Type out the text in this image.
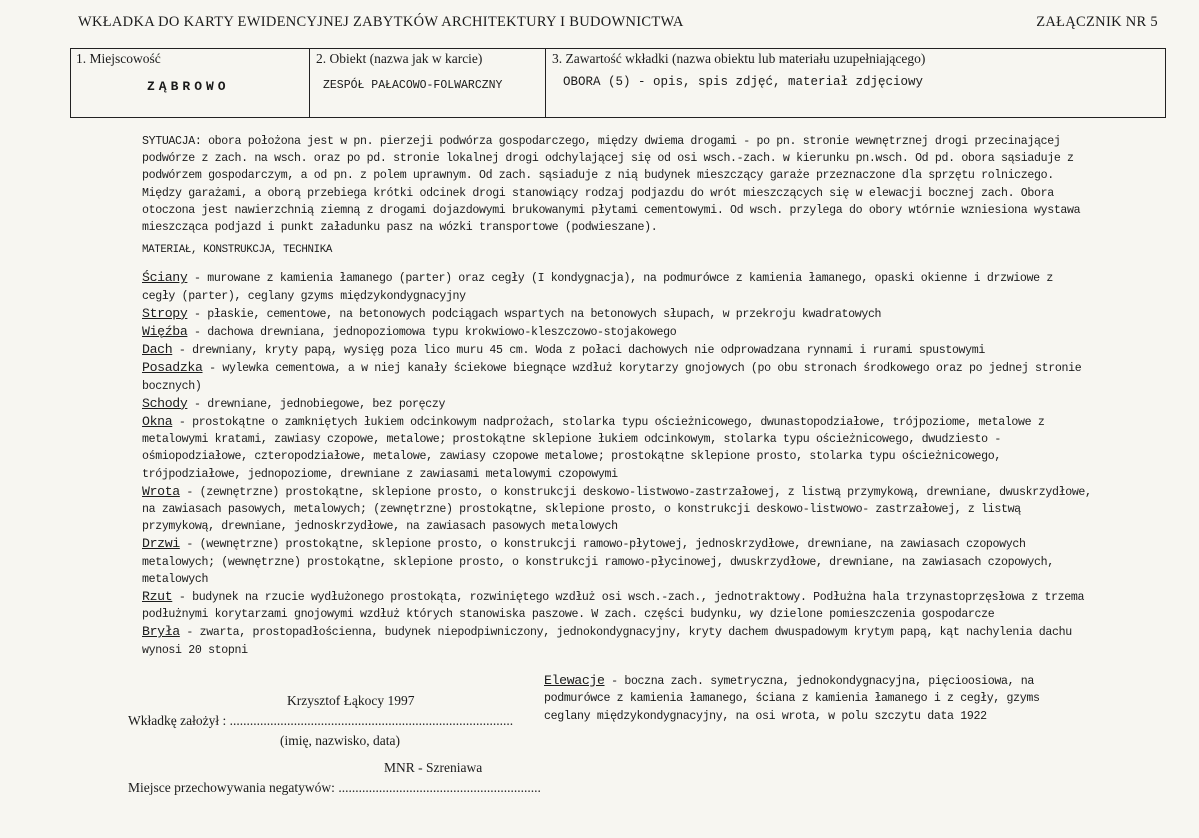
WKŁADKA DO KARTY EWIDENCYJNEJ ZABYTKÓW ARCHITEKTURY I BUDOWNICTWA	ZAŁĄCZNIK NR 5
1. Miejscowość
ZĄBROWO
2. Obiekt (nazwa jak w karcie)
ZESPÓŁ PAŁACOWO-FOLWARCZNY
3. Zawartość wkładki (nazwa obiektu lub materiału uzupełniającego)
OBORA (5) - opis, spis zdjęć, materiał zdjęciowy

SYTUACJA: obora położona jest w pn. pierzeji podwórza gospodarczego, między dwiema drogami - po pn. stronie wewnętrznej drogi przecinającej podwórze z zach. na wsch. oraz po pd. stronie lokalnej drogi odchylającej się od osi wsch.-zach. w kierunku pn.wsch. Od pd. obora sąsiaduje z podwórzem gospodarczym, a od pn. z polem uprawnym. Od zach. sąsiaduje z nią budynek mieszczący garaże przeznaczone dla sprzętu rolniczego. Między garażami, a oborą przebiega krótki odcinek drogi stanowiący rodzaj podjazdu do wrót mieszczących się w elewacji bocznej zach. Obora otoczona jest nawierzchnią ziemną z drogami dojazdowymi brukowanymi płytami cementowymi. Od wsch. przylega do obory wtórnie wzniesiona wystawa mieszcząca podjazd i punkt załadunku pasz na wózki transportowe (podwieszane).

MATERIAŁ, KONSTRUKCJA, TECHNIKA

Ściany - murowane z kamienia łamanego (parter) oraz cegły (I kondygnacja), na podmurówce z kamienia łamanego, opaski okienne i drzwiowe z cegły (parter), ceglany gzyms międzykondygnacyjny

Stropy - płaskie, cementowe, na betonowych podciągach wspartych na betonowych słupach, w przekroju kwadratowych

Więźba - dachowa drewniana, jednopoziomowa typu krokwiowo-kleszczowo-stojakowego

Dach - drewniany, kryty papą, wysięg poza lico muru 45 cm. Woda z połaci dachowych nie odprowadzana rynnami i rurami spustowymi

Posadzka - wylewka cementowa, a w niej kanały ściekowe biegnące wzdłuż korytarzy gnojowych (po obu stronach środkowego oraz po jednej stronie bocznych)

Schody - drewniane, jednobiegowe, bez poręczy

Okna - prostokątne o zamkniętych łukiem odcinkowym nadprożach, stolarka typu ościeżnicowego, dwunastopodziałowe, trójpoziome, metalowe z metalowymi kratami, zawiasy czopowe, metalowe; prostokątne sklepione łukiem odcinkowym, stolarka typu ościeżnicowego, dwudziesto - ośmiopodziałowe, czteropodziałowe, metalowe, zawiasy czopowe metalowe; prostokątne sklepione prosto, stolarka typu ościeżnicowego, trójpodziałowe, jednopoziome, drewniane z zawiasami metalowymi czopowymi

Wrota - (zewnętrzne) prostokątne, sklepione prosto, o konstrukcji deskowo-listwowo-zastrzałowej, z listwą przymykową, drewniane, dwuskrzydłowe, na zawiasach pasowych, metalowych; (zewnętrzne) prostokątne, sklepione prosto, o konstrukcji deskowo-listwowo- zastrzałowej, z listwą przymykową, drewniane, jednoskrzydłowe, na zawiasach pasowych metalowych

Drzwi - (wewnętrzne) prostokątne, sklepione prosto, o konstrukcji ramowo-płytowej, jednoskrzydłowe, drewniane, na zawiasach czopowych metalowych; (wewnętrzne) prostokątne, sklepione prosto, o konstrukcji ramowo-płycinowej, dwuskrzydłowe, drewniane, na zawiasach czopowych, metalowych

Rzut - budynek na rzucie wydłużonego prostokąta, rozwiniętego wzdłuż osi wsch.-zach., jednotraktowy. Podłużna hala trzynastoprzęsłowa z trzema podłużnymi korytarzami gnojowymi wzdłuż których stanowiska paszowe. W zach. części budynku, wy dzielone pomieszczenia gospodarcze

Bryła - zwarta, prostopadłościenna, budynek niepodpiwniczony, jednokondygnacyjny, kryty dachem dwuspadowym krytym papą, kąt nachylenia dachu wynosi 20 stopni

Elewacje - boczna zach. symetryczna, jednokondygnacyjna, pięcioosiowa, na podmurówce z kamienia łamanego, ściana z kamienia łamanego i z cegły, gzyms ceglany międzykondygnacyjny, na osi wrota, w polu szczytu data 1922
Krzysztof Łąkocy 1997
Wkładkę założył : ....................................................................................
(imię, nazwisko, data)
MNR - Szreniawa
Miejsce przechowywania negatywów: ............................................................
